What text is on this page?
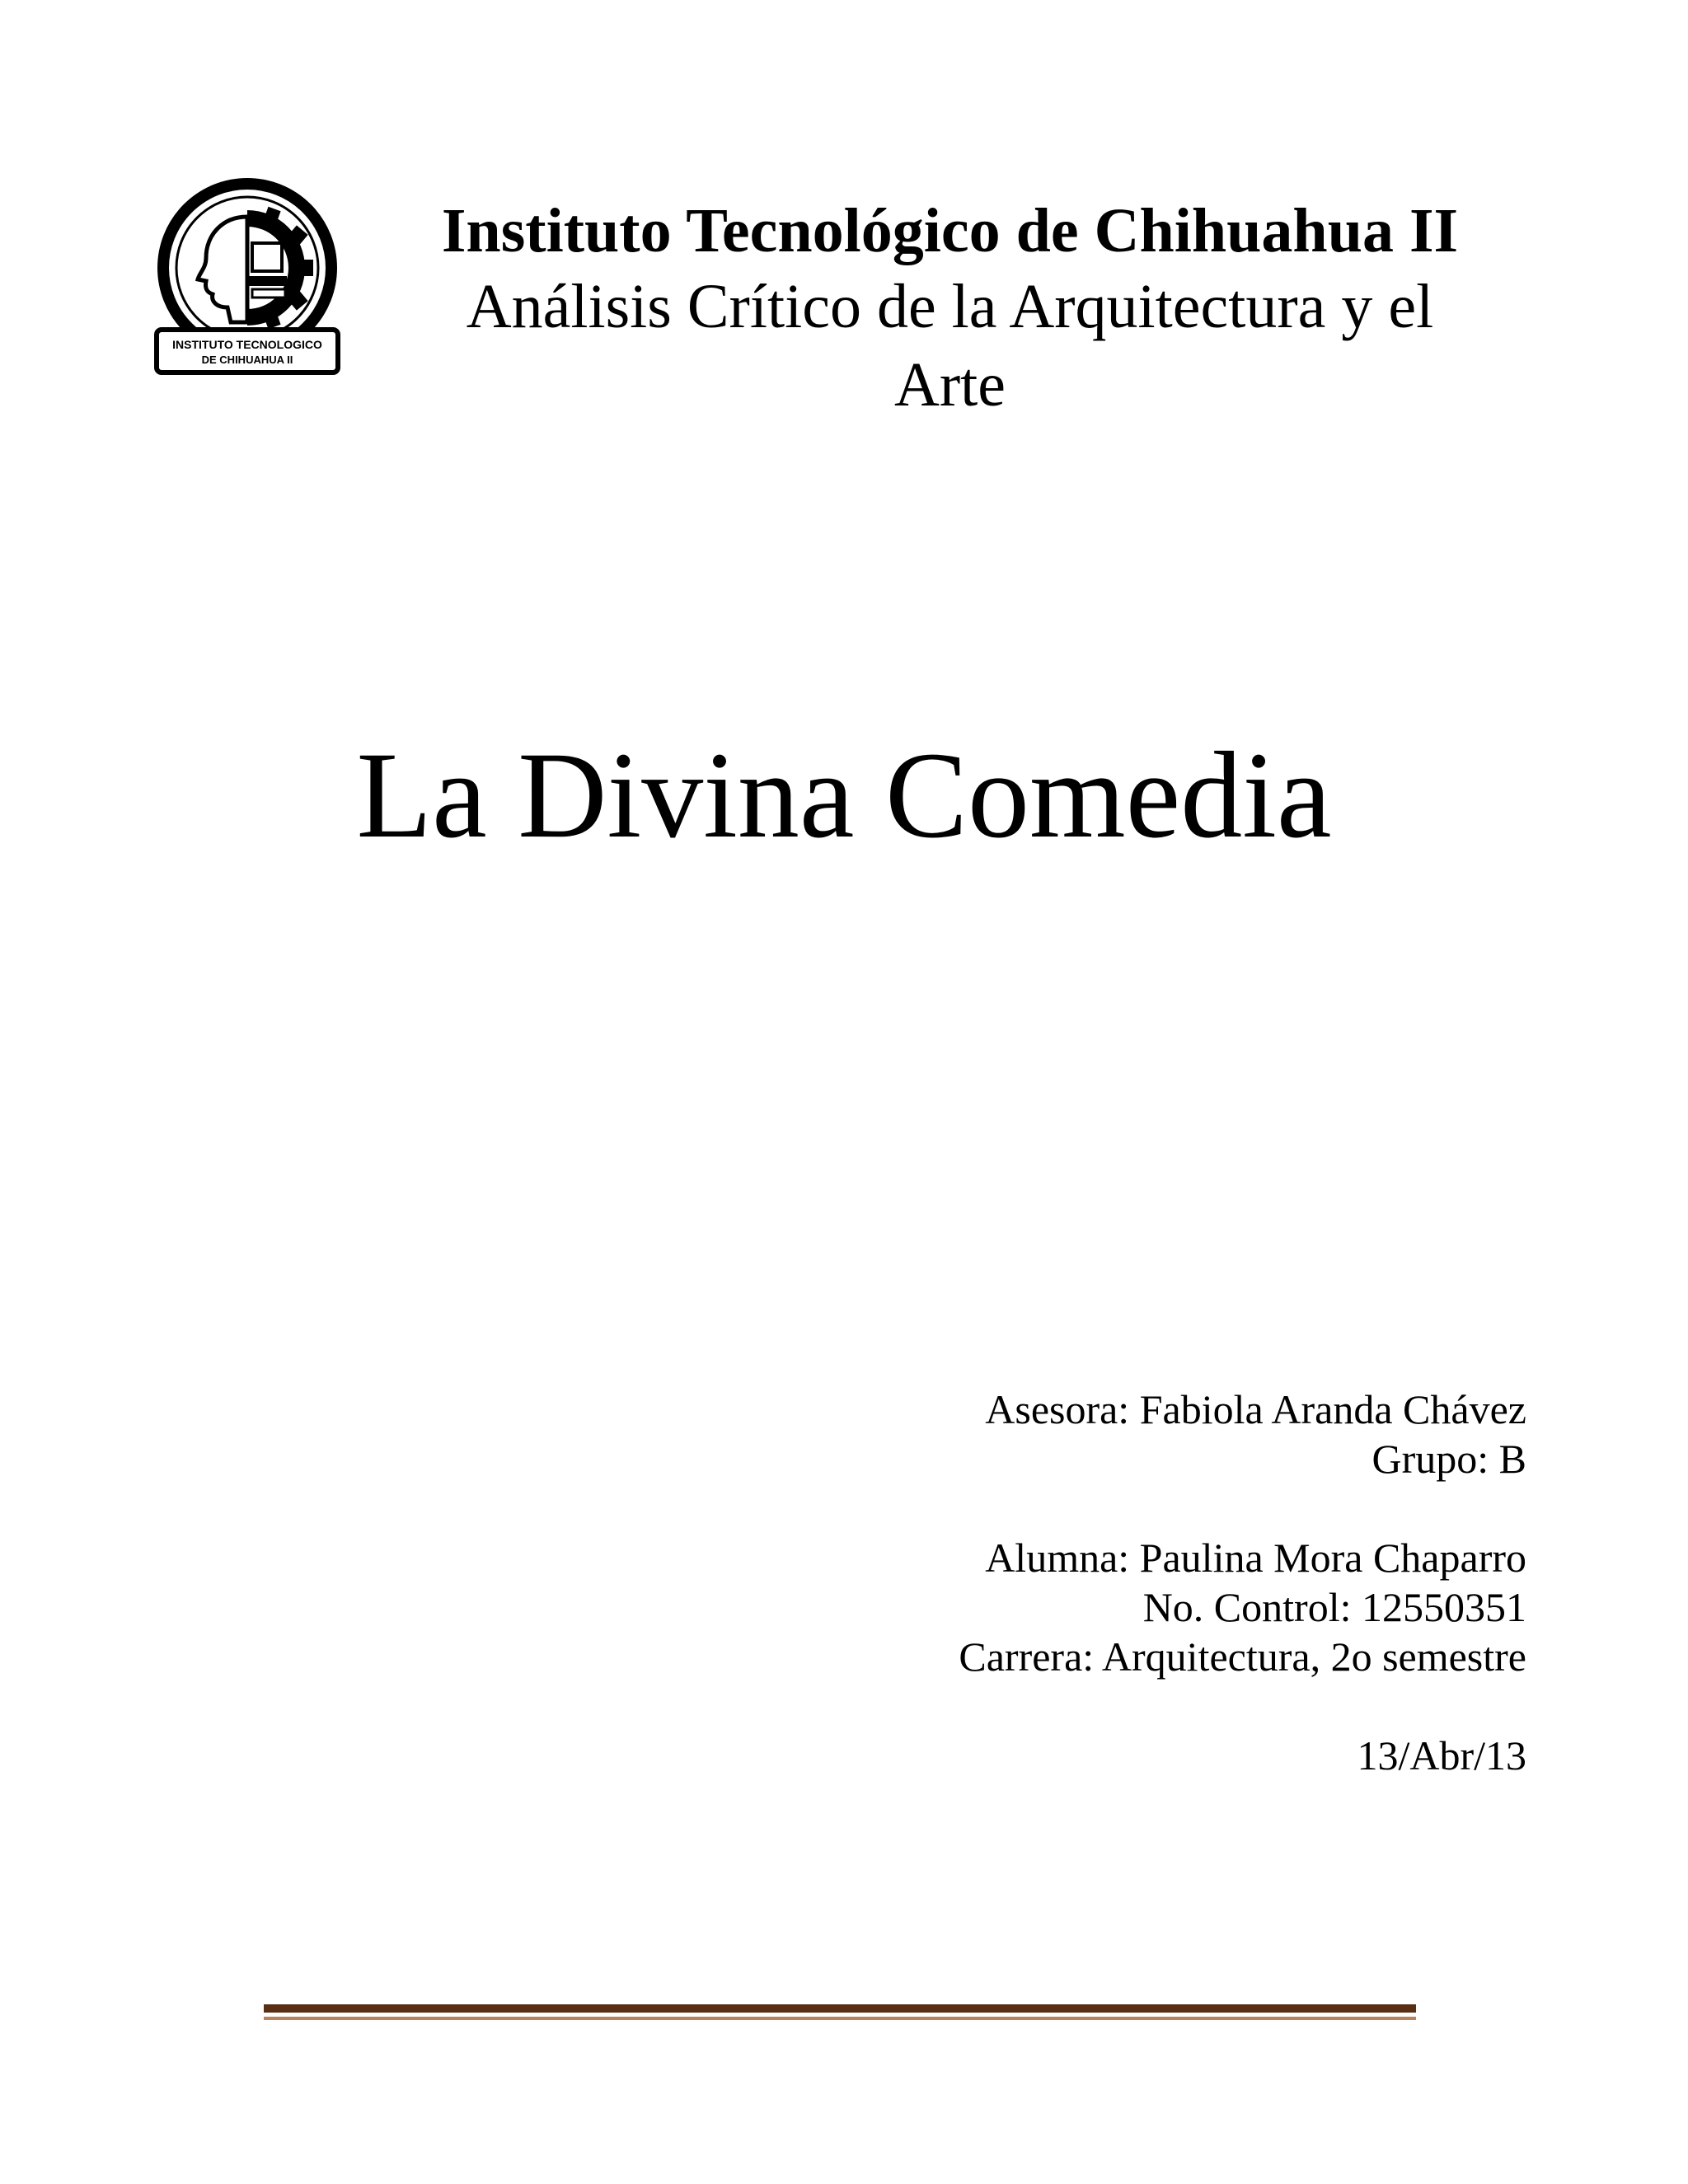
INSTITUTO TECNOLOGICO
DE CHIHUAHUA II

Instituto Tecnológico de Chihuahua II

Análisis Crítico de la Arquitectura y el

Arte

La Divina Comedia
Asesora: Fabiola Aranda Chávez
Grupo: B
Alumna: Paulina Mora Chaparro
No. Control: 12550351
Carrera: Arquitectura, 2o semestre
13/Abr/13
